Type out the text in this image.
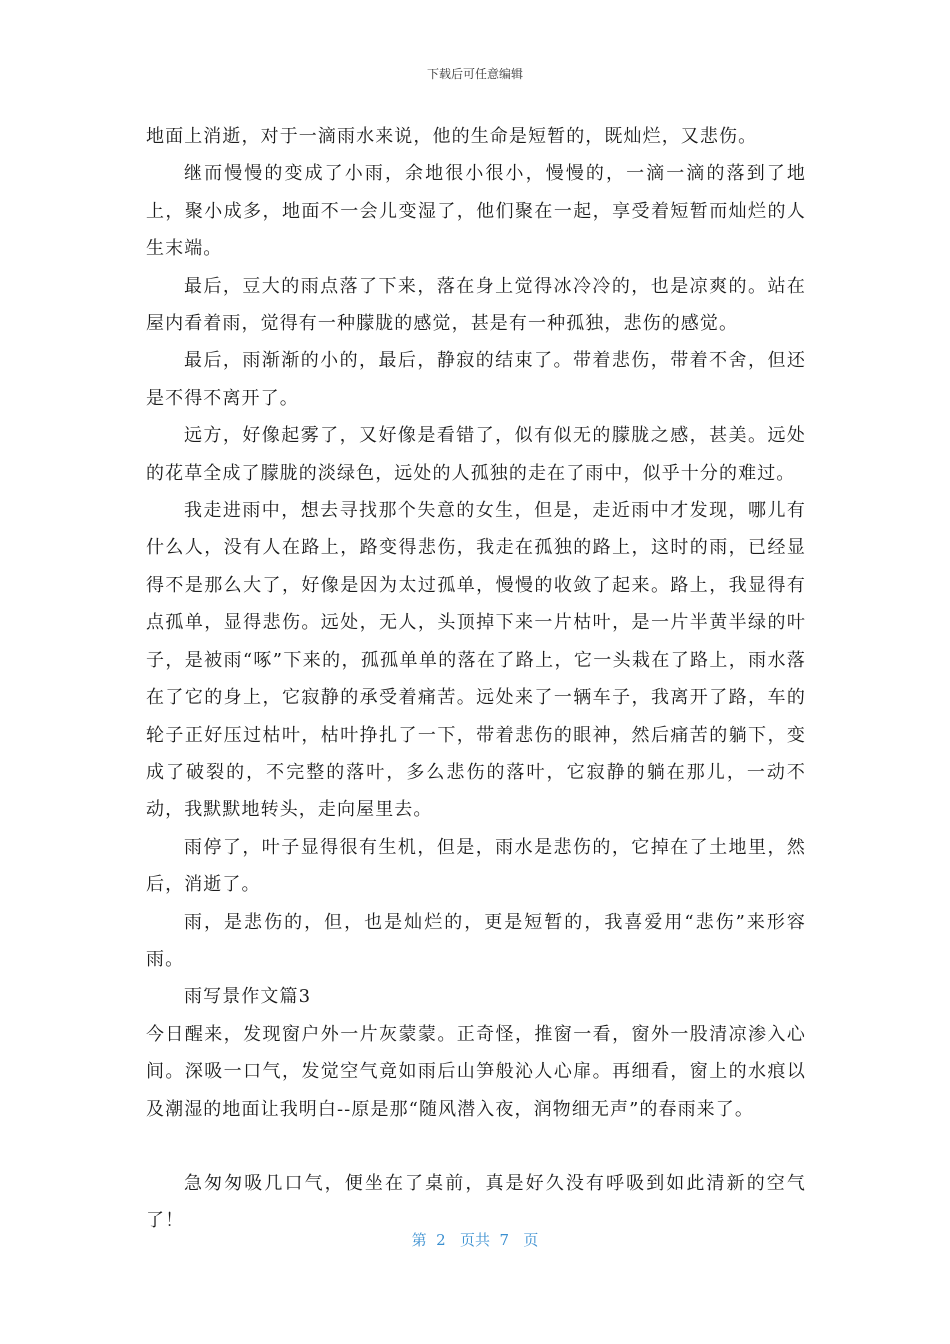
下载后可任意编辑

地面上消逝，对于一滴雨水来说，他的生命是短暂的，既灿烂，又悲伤。

继而慢慢的变成了小雨，余地很小很小，慢慢的，一滴一滴的落到了地上，聚小成多，地面不一会儿变湿了，他们聚在一起，享受着短暂而灿烂的人生末端。

最后，豆大的雨点落了下来，落在身上觉得冰冷冷的，也是凉爽的。站在屋内看着雨，觉得有一种朦胧的感觉，甚是有一种孤独，悲伤的感觉。

最后，雨渐渐的小的，最后，静寂的结束了。带着悲伤，带着不舍，但还是不得不离开了。

远方，好像起雾了，又好像是看错了，似有似无的朦胧之感，甚美。远处的花草全成了朦胧的淡绿色，远处的人孤独的走在了雨中，似乎十分的难过。

我走进雨中，想去寻找那个失意的女生，但是，走近雨中才发现，哪儿有什么人，没有人在路上，路变得悲伤，我走在孤独的路上，这时的雨，已经显得不是那么大了，好像是因为太过孤单，慢慢的收敛了起来。路上，我显得有点孤单，显得悲伤。远处，无人，头顶掉下来一片枯叶，是一片半黄半绿的叶子，是被雨“啄”下来的，孤孤单单的落在了路上，它一头栽在了路上，雨水落在了它的身上，它寂静的承受着痛苦。远处来了一辆车子，我离开了路，车的轮子正好压过枯叶，枯叶挣扎了一下，带着悲伤的眼神，然后痛苦的躺下，变成了破裂的，不完整的落叶，多么悲伤的落叶，它寂静的躺在那儿，一动不动，我默默地转头，走向屋里去。

雨停了，叶子显得很有生机，但是，雨水是悲伤的，它掉在了土地里，然后，消逝了。

雨，是悲伤的，但，也是灿烂的，更是短暂的，我喜爱用“悲伤”来形容雨。

雨写景作文篇3

今日醒来，发现窗户外一片灰蒙蒙。正奇怪，推窗一看，窗外一股清凉渗入心间。深吸一口气，发觉空气竟如雨后山笋般沁人心扉。再细看，窗上的水痕以及潮湿的地面让我明白--原是那“随风潜入夜，润物细无声”的春雨来了。

急匆匆吸几口气，便坐在了桌前，真是好久没有呼吸到如此清新的空气了！

第 2 页共 7 页
